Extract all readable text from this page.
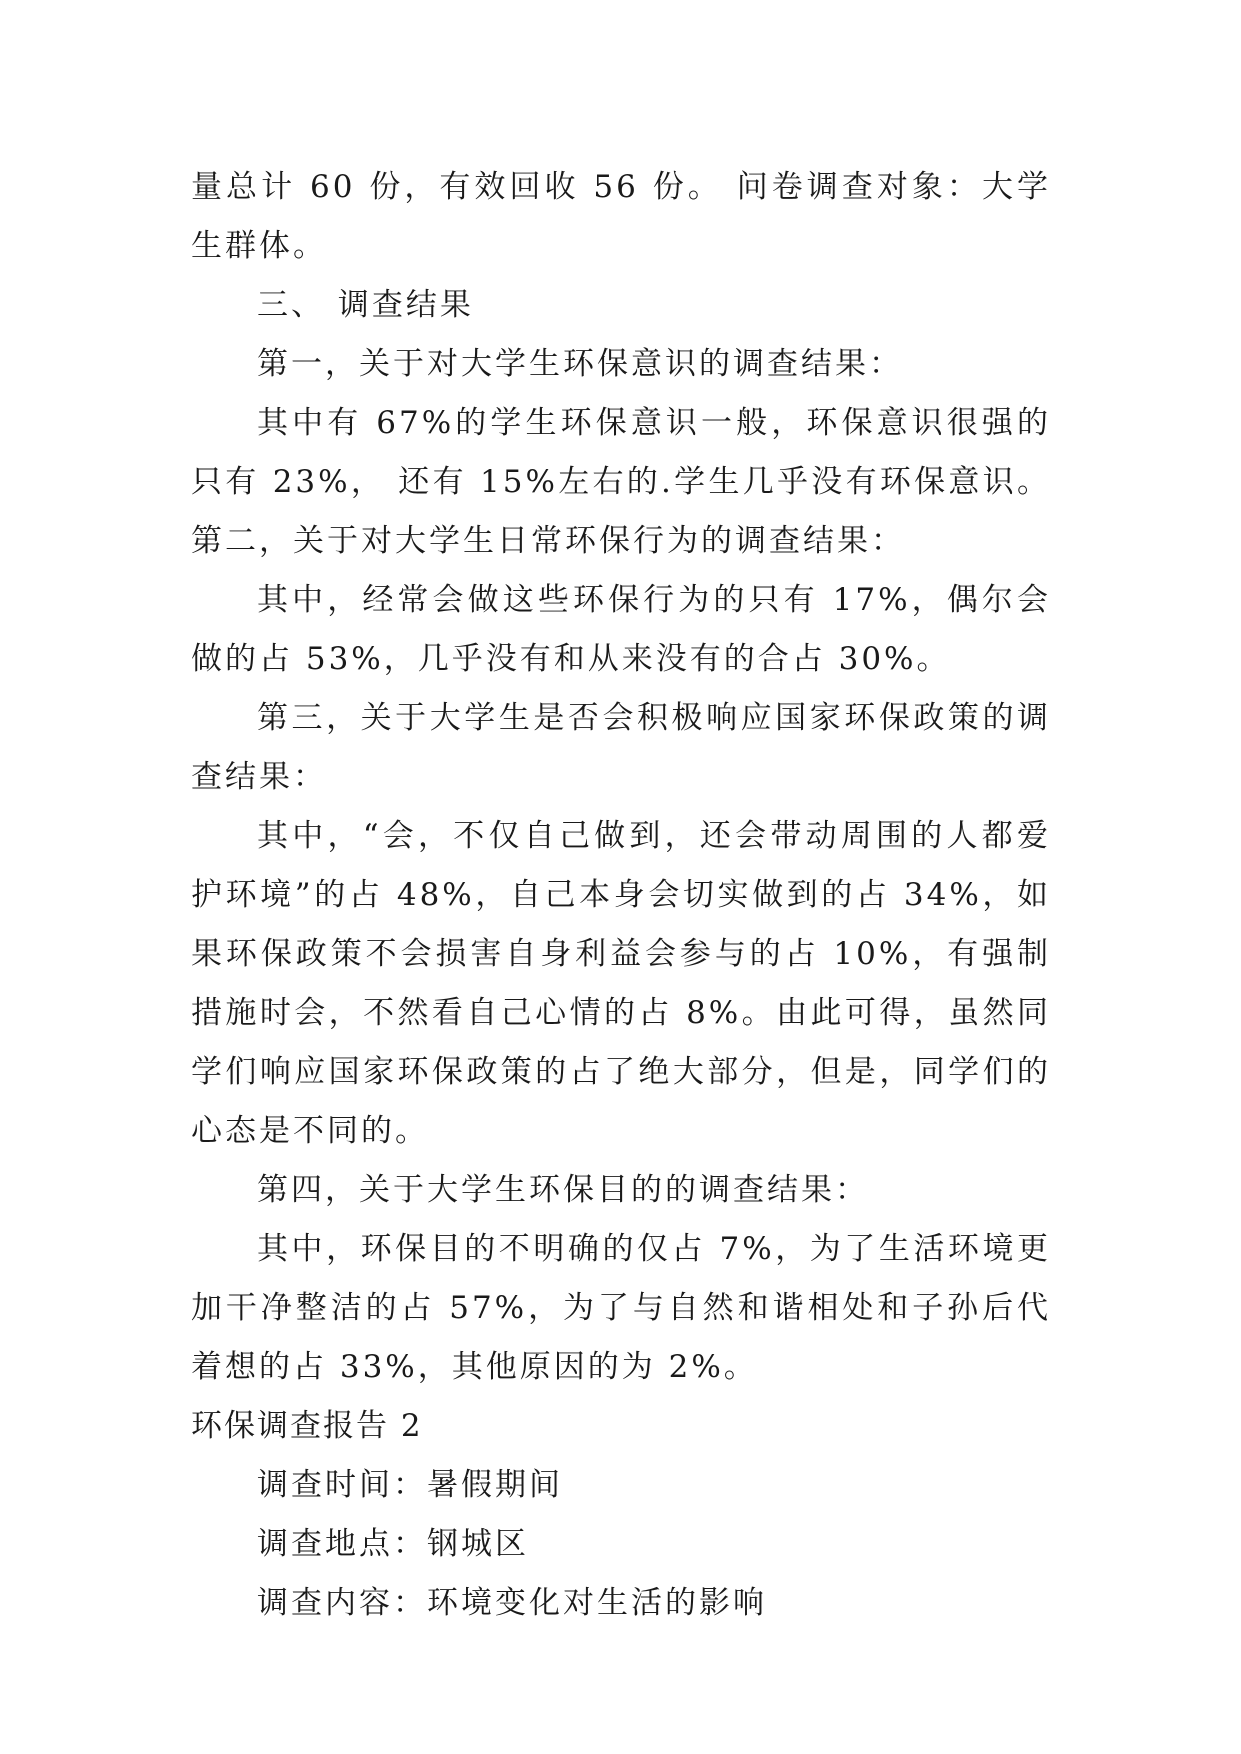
量总计 60 份，有效回收 56 份。 问卷调查对象：大学生群体。

三、 调查结果

第一，关于对大学生环保意识的调查结果：

其中有 67%的学生环保意识一般，环保意识很强的只有 23%， 还有 15%左右的.学生几乎没有环保意识。 第二，关于对大学生日常环保行为的调查结果：

其中，经常会做这些环保行为的只有 17%，偶尔会做的占 53%，几乎没有和从来没有的合占 30%。

第三，关于大学生是否会积极响应国家环保政策的调查结果：

其中，“会，不仅自己做到，还会带动周围的人都爱护环境”的占 48%，自己本身会切实做到的占 34%，如果环保政策不会损害自身利益会参与的占 10%，有强制措施时会，不然看自己心情的占 8%。由此可得，虽然同学们响应国家环保政策的占了绝大部分，但是，同学们的心态是不同的。

第四，关于大学生环保目的的调查结果：

其中，环保目的不明确的仅占 7%，为了生活环境更加干净整洁的占 57%，为了与自然和谐相处和子孙后代着想的占 33%，其他原因的为 2%。

环保调查报告 2

调查时间：暑假期间

调查地点：钢城区

调查内容：环境变化对生活的影响
